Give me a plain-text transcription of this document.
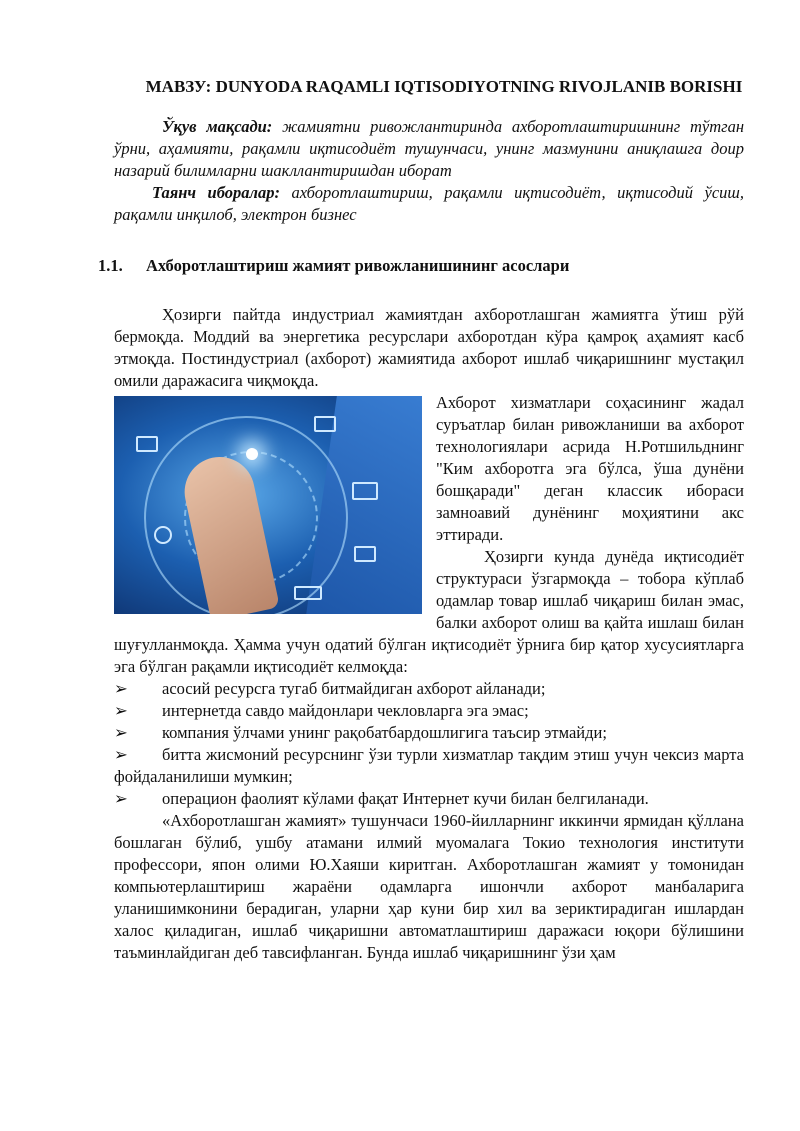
МАВЗУ: DUNYODA RAQAMLI IQTISODIYOTNING RIVOJLANIB BORISHI

Ўқув мақсади: жамиятни ривожлантиринда ахборотлаштиришнинг тўтган ўрни, аҳамияти, рақамли иқтисодиёт тушунчаси, унинг мазмунини аниқлашга доир назарий билимларни шакллантиришдан иборат

Таянч иборалар: ахборотлаштириш, рақамли иқтисодиёт, иқтисодий ўсиш, рақамли инқилоб, электрон бизнес

1.1. Ахборотлаштириш жамият ривожланишининг асослари

Ҳозирги пайтда индустриал жамиятдан ахборотлашган жамиятга ўтиш рўй бермоқда. Моддий ва энергетика ресурслари ахборотдан кўра қамроқ аҳамият касб этмоқда. Постиндустриал (ахборот) жамиятида ахборот ишлаб чиқаришнинг мустақил омили даражасига чиқмоқда.

Ахборот хизматлари соҳасининг жадал суръатлар билан ривожланиши ва ахборот технологиялари асрида Н.Ротшильднинг "Ким ахборотга эга бўлса, ўша дунёни бошқаради" деган классик ибораси замноавий дунёнинг моҳиятини акс эттиради.

Ҳозирги кунда дунёда иқтисодиёт структураси ўзгармоқда – тобора кўплаб одамлар товар ишлаб чиқариш билан эмас, балки ахборот олиш ва қайта ишлаш билан шуғулланмоқда. Ҳамма учун одатий бўлган иқтисодиёт ўрнига бир қатор хусусиятларга эга бўлган рақамли иқтисодиёт келмоқда:

➢ асосий ресурсга тугаб битмайдиган ахборот айланади;
➢ интернетда савдо майдонлари чекловларга эга эмас;
➢ компания ўлчами унинг рақобатбардошлигига таъсир этмайди;
➢ битта жисмоний ресурснинг ўзи турли хизматлар тақдим этиш учун чексиз марта фойдаланилиши мумкин;
➢ операцион фаолият кўлами фақат Интернет кучи билан белгиланади.

«Ахборотлашган жамият» тушунчаси 1960-йилларнинг иккинчи ярмидан қўллана бошлаган бўлиб, ушбу атамани илмий муомалага Токио технология институти профессори, япон олими Ю.Хаяши киритган. Ахборотлашган жамият у томонидан компьютерлаштириш жараёни одамларга ишончли ахборот манбаларига уланишимконини берадиган, уларни ҳар куни бир хил ва зериктирадиган ишлардан халос қиладиган, ишлаб чиқаришни автоматлаштириш даражаси юқори бўлишини таъминлайдиган деб тавсифланган. Бунда ишлаб чиқаришнинг ўзи ҳам
